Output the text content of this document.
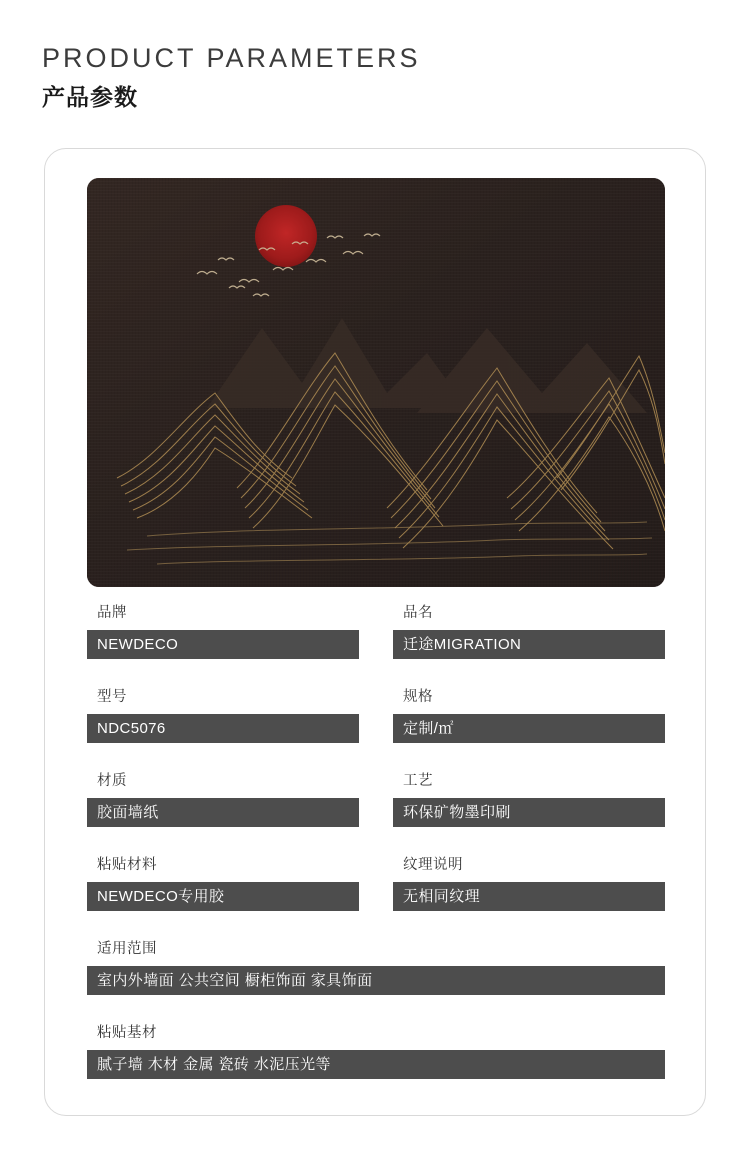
PRODUCT PARAMETERS
产品参数
品牌
NEWDECO
品名
迁途MIGRATION
型号
NDC5076
规格
定制/㎡
材质
胶面墙纸
工艺
环保矿物墨印刷
粘贴材料
NEWDECO专用胶
纹理说明
无相同纹理
适用范围
室内外墙面 公共空间 橱柜饰面 家具饰面
粘贴基材
腻子墙 木材 金属 瓷砖 水泥压光等
